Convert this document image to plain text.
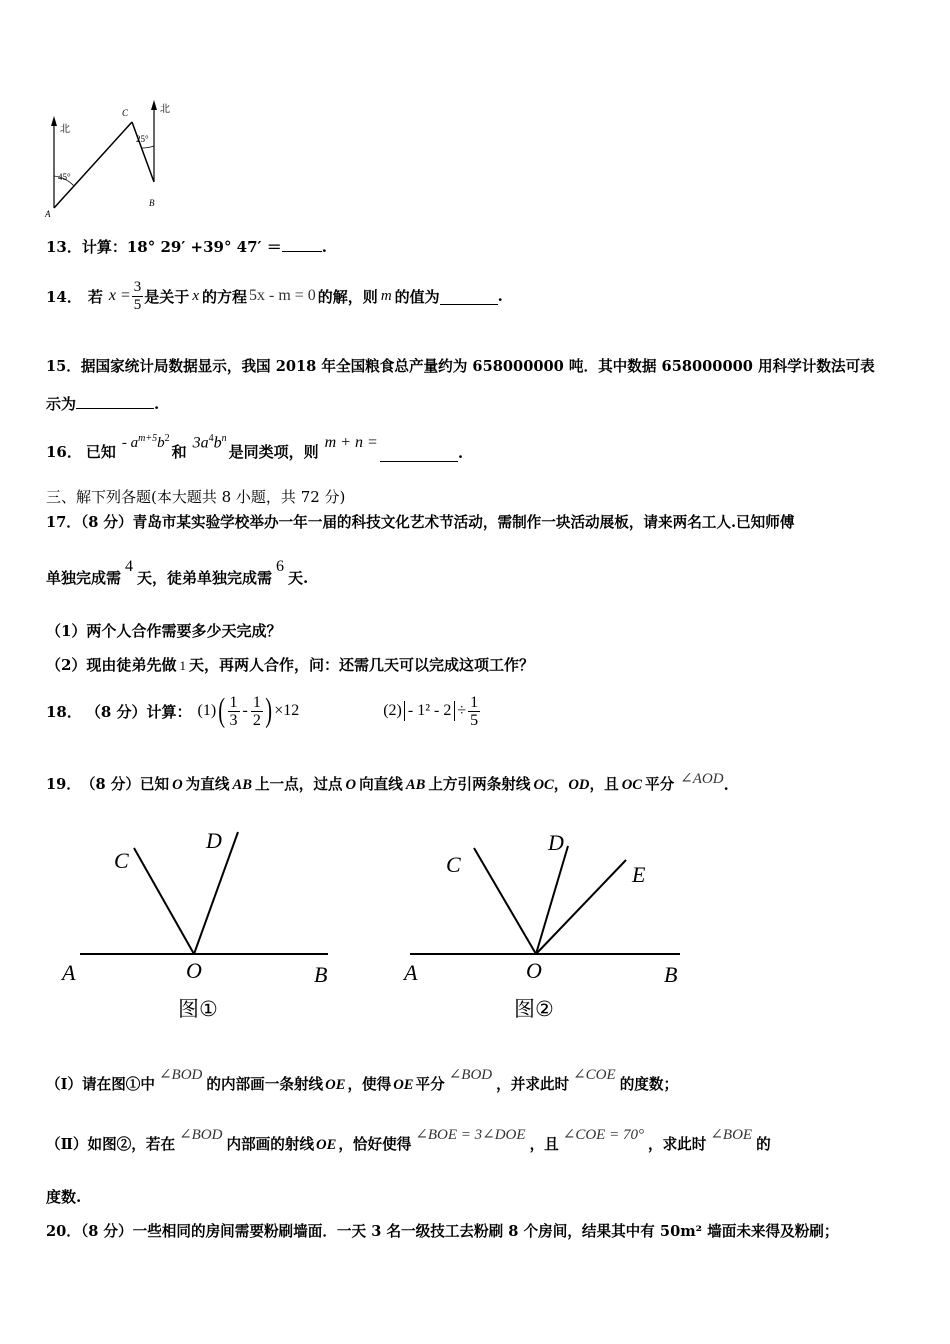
北
北
45°
25°
A
B
C
13．计算：18° 29′ +39° 47′ ＝	.
14． 若 $x = \frac{3}{5}$ 是关于 x 的方程 5x - m = 0 的解，则 m 的值为	.
15．据国家统计局数据显示，我国 2018 年全国粮食总产量约为 658000000 吨．其中数据 658000000 用科学计数法可表
示为	.
16． 已知 - $a^{m+5}b^2$
和
$3a^4b^n$
是同类项，则
m + n =
.
三、解下列各题(本大题共 8 小题，共 72 分)
17．（8 分）青岛市某实验学校举办一年一届的科技文化艺术节活动，需制作一块活动展板，请来两名工人.已知师傅
单独完成需
4
天，徒弟单独完成需
6
天.
（1）两个人合作需要多少天完成？
（2）现由徒弟先做 1 天，再两人合作，问：还需几天可以完成这项工作？
18． （8 分）计算： (1) ( $\frac{1}{3} - \frac{1}{2}$ ) ×12	$(2) - 1^2 - 2 \div \frac{1}{5}$
19． （8 分）已知 O 为直线 AB 上一点，过点 O 向直线 AB 上方引两条射线 OC ， OD ，且 OC 平分 ∠AOD .
A	O	B
C
D
图①
A	O	B
C
D
E
图②
（Ⅰ）请在图①中
∠BOD
的内部画一条射线 OE ，使得 OE 平分
∠BOD
，并求此时
∠COE
的度数；
（Ⅱ）如图②，若在
∠BOD
内部画的射线 OE ，恰好使得
∠BOE = 3∠DOE
，且
∠COE = 70°
，求此时
∠BOE
的
度数.
20．（8 分）一些相同的房间需要粉刷墙面．一天 3 名一级技工去粉刷 8 个房间，结果其中有 50m² 墙面未来得及粉刷；
